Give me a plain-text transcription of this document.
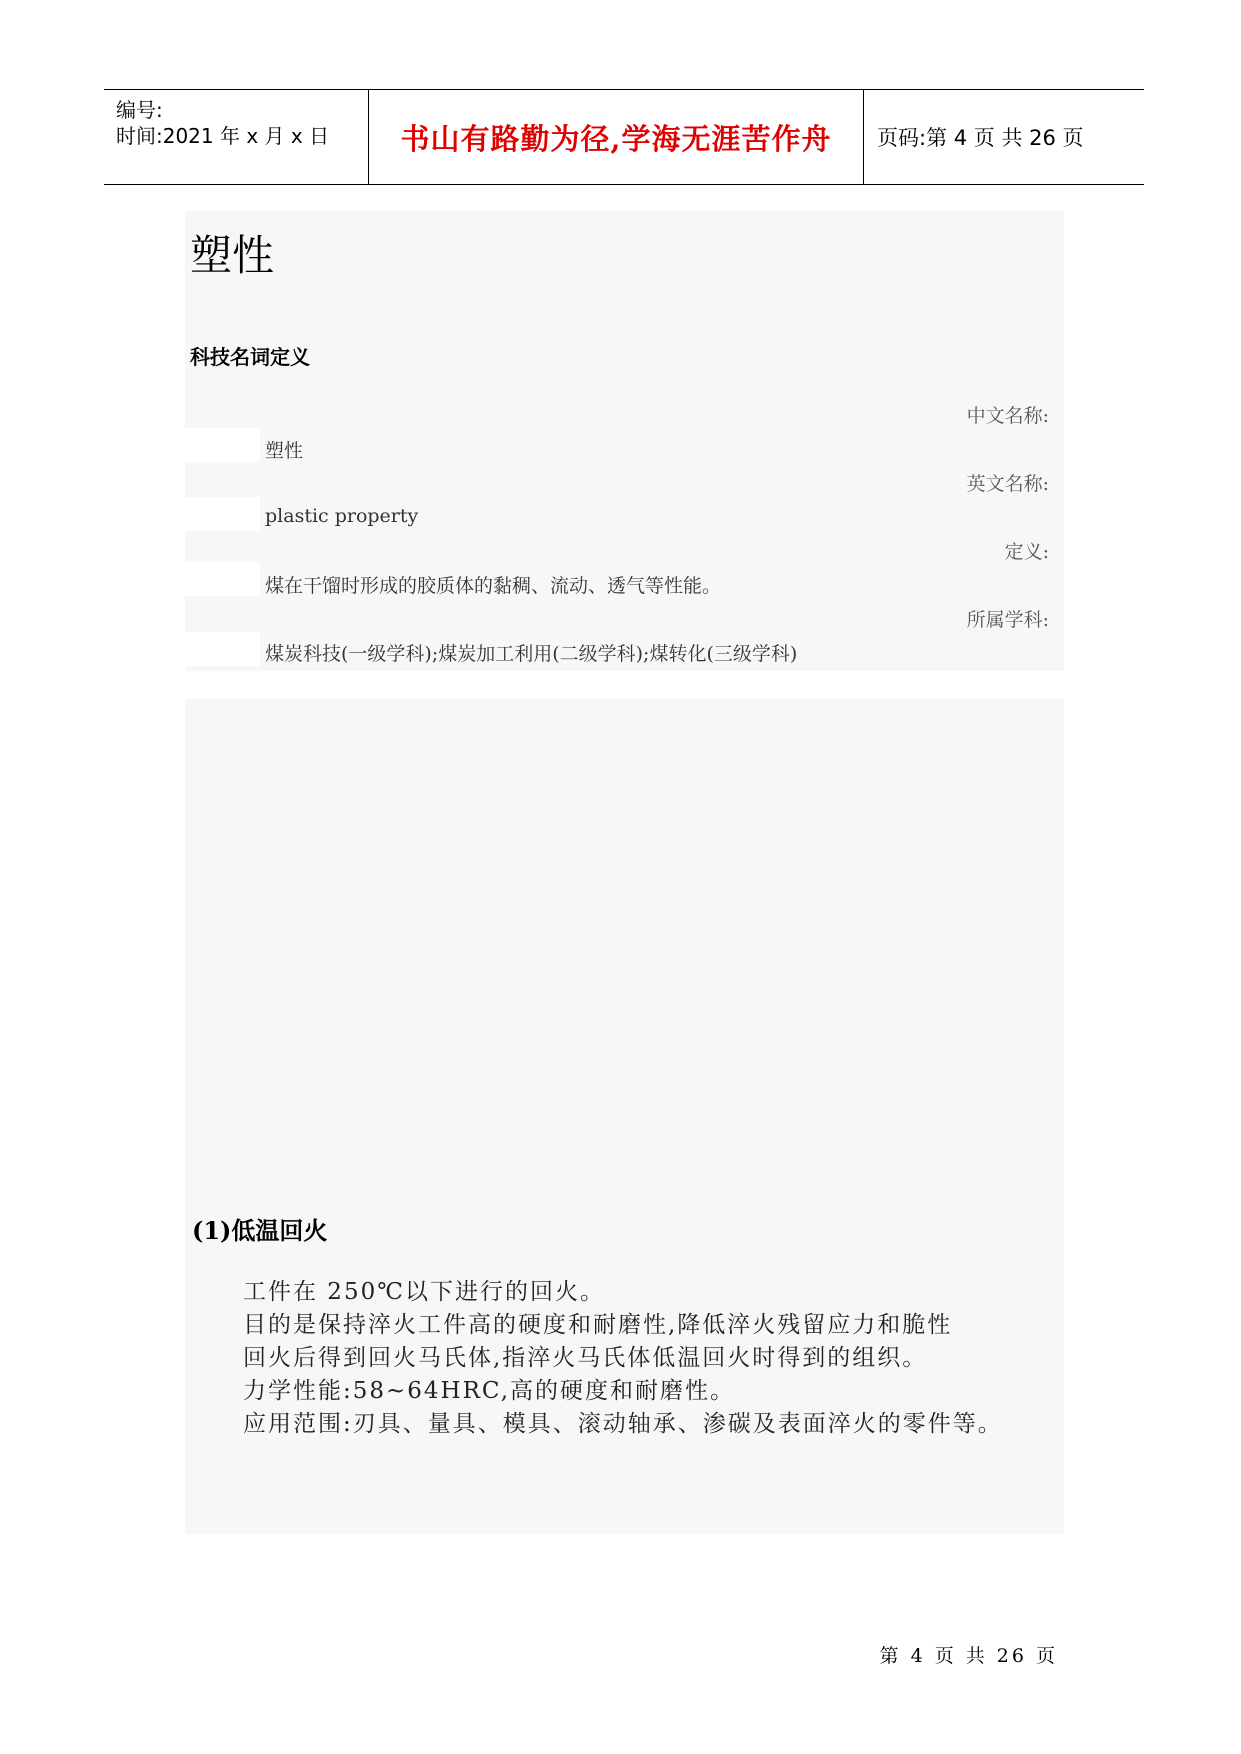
编号:
时间:2021 年 x 月 x 日 书山有路勤为径,学海无涯苦作舟 页码:第 4 页 共 26 页
塑性
科技名词定义
中文名称:
塑性
英文名称:
plastic property
定义:
煤在干馏时形成的胶质体的黏稠、流动、透气等性能。
所属学科:
煤炭科技(一级学科);煤炭加工利用(二级学科);煤转化(三级学科)
(1)低温回火
工件在 250℃以下进行的回火。
目的是保持淬火工件高的硬度和耐磨性,降低淬火残留应力和脆性
回火后得到回火马氏体,指淬火马氏体低温回火时得到的组织。
力学性能:58~64HRC,高的硬度和耐磨性。
应用范围:刃具、量具、模具、滚动轴承、渗碳及表面淬火的零件等。
第 4 页 共 26 页
